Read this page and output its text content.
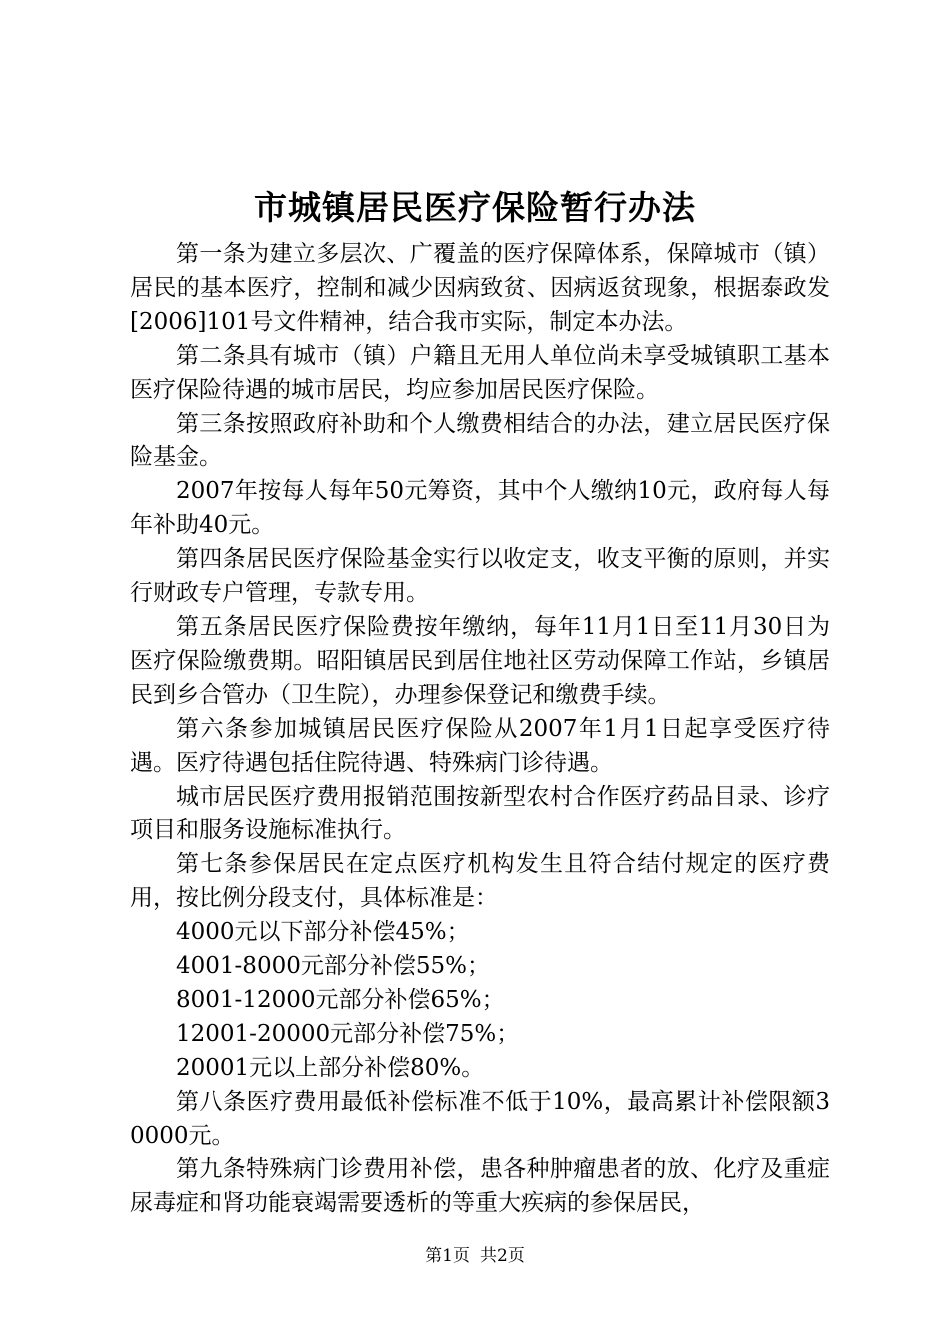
市城镇居民医疗保险暂行办法

第一条为建立多层次、广覆盖的医疗保障体系，保障城市（镇）居民的基本医疗，控制和减少因病致贫、因病返贫现象，根据泰政发[2006]101号文件精神，结合我市实际，制定本办法。

第二条具有城市（镇）户籍且无用人单位尚未享受城镇职工基本医疗保险待遇的城市居民，均应参加居民医疗保险。

第三条按照政府补助和个人缴费相结合的办法，建立居民医疗保险基金。

2007年按每人每年50元筹资，其中个人缴纳10元，政府每人每年补助40元。

第四条居民医疗保险基金实行以收定支，收支平衡的原则，并实行财政专户管理，专款专用。

第五条居民医疗保险费按年缴纳，每年11月1日至11月30日为医疗保险缴费期。昭阳镇居民到居住地社区劳动保障工作站，乡镇居民到乡合管办（卫生院），办理参保登记和缴费手续。

第六条参加城镇居民医疗保险从2007年1月1日起享受医疗待遇。医疗待遇包括住院待遇、特殊病门诊待遇。

城市居民医疗费用报销范围按新型农村合作医疗药品目录、诊疗项目和服务设施标准执行。

第七条参保居民在定点医疗机构发生且符合结付规定的医疗费用，按比例分段支付，具体标准是：

4000元以下部分补偿45%；

4001-8000元部分补偿55%；

8001-12000元部分补偿65%；

12001-20000元部分补偿75%；

20001元以上部分补偿80%。

第八条医疗费用最低补偿标准不低于10%，最高累计补偿限额30000元。

第九条特殊病门诊费用补偿，患各种肿瘤患者的放、化疗及重症尿毒症和肾功能衰竭需要透析的等重大疾病的参保居民，

第1页 共2页
